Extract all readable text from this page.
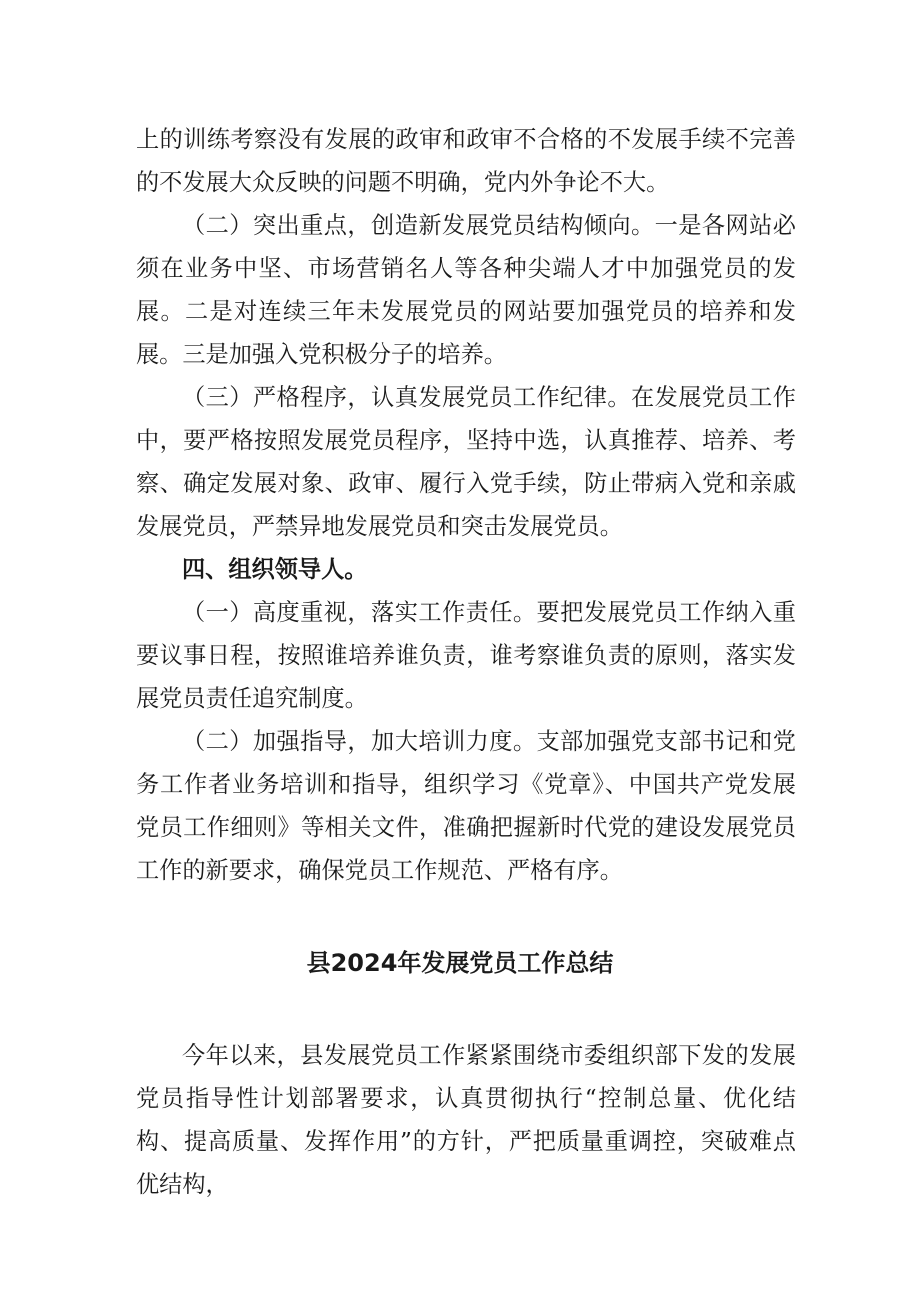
上的训练考察没有发展的政审和政审不合格的不发展手续不完善的不发展大众反映的问题不明确，党内外争论不大。

（二）突出重点，创造新发展党员结构倾向。一是各网站必须在业务中坚、市场营销名人等各种尖端人才中加强党员的发展。二是对连续三年未发展党员的网站要加强党员的培养和发展。三是加强入党积极分子的培养。

（三）严格程序，认真发展党员工作纪律。在发展党员工作中，要严格按照发展党员程序，坚持中选，认真推荐、培养、考察、确定发展对象、政审、履行入党手续，防止带病入党和亲戚发展党员，严禁异地发展党员和突击发展党员。

四、组织领导人。

（一）高度重视，落实工作责任。要把发展党员工作纳入重要议事日程，按照谁培养谁负责，谁考察谁负责的原则，落实发展党员责任追究制度。

（二）加强指导，加大培训力度。支部加强党支部书记和党务工作者业务培训和指导，组织学习《党章》、中国共产党发展党员工作细则》等相关文件，准确把握新时代党的建设发展党员工作的新要求，确保党员工作规范、严格有序。

县2024年发展党员工作总结

今年以来，县发展党员工作紧紧围绕市委组织部下发的发展党员指导性计划部署要求，认真贯彻执行“控制总量、优化结构、提高质量、发挥作用”的方针，严把质量重调控，突破难点优结构，
